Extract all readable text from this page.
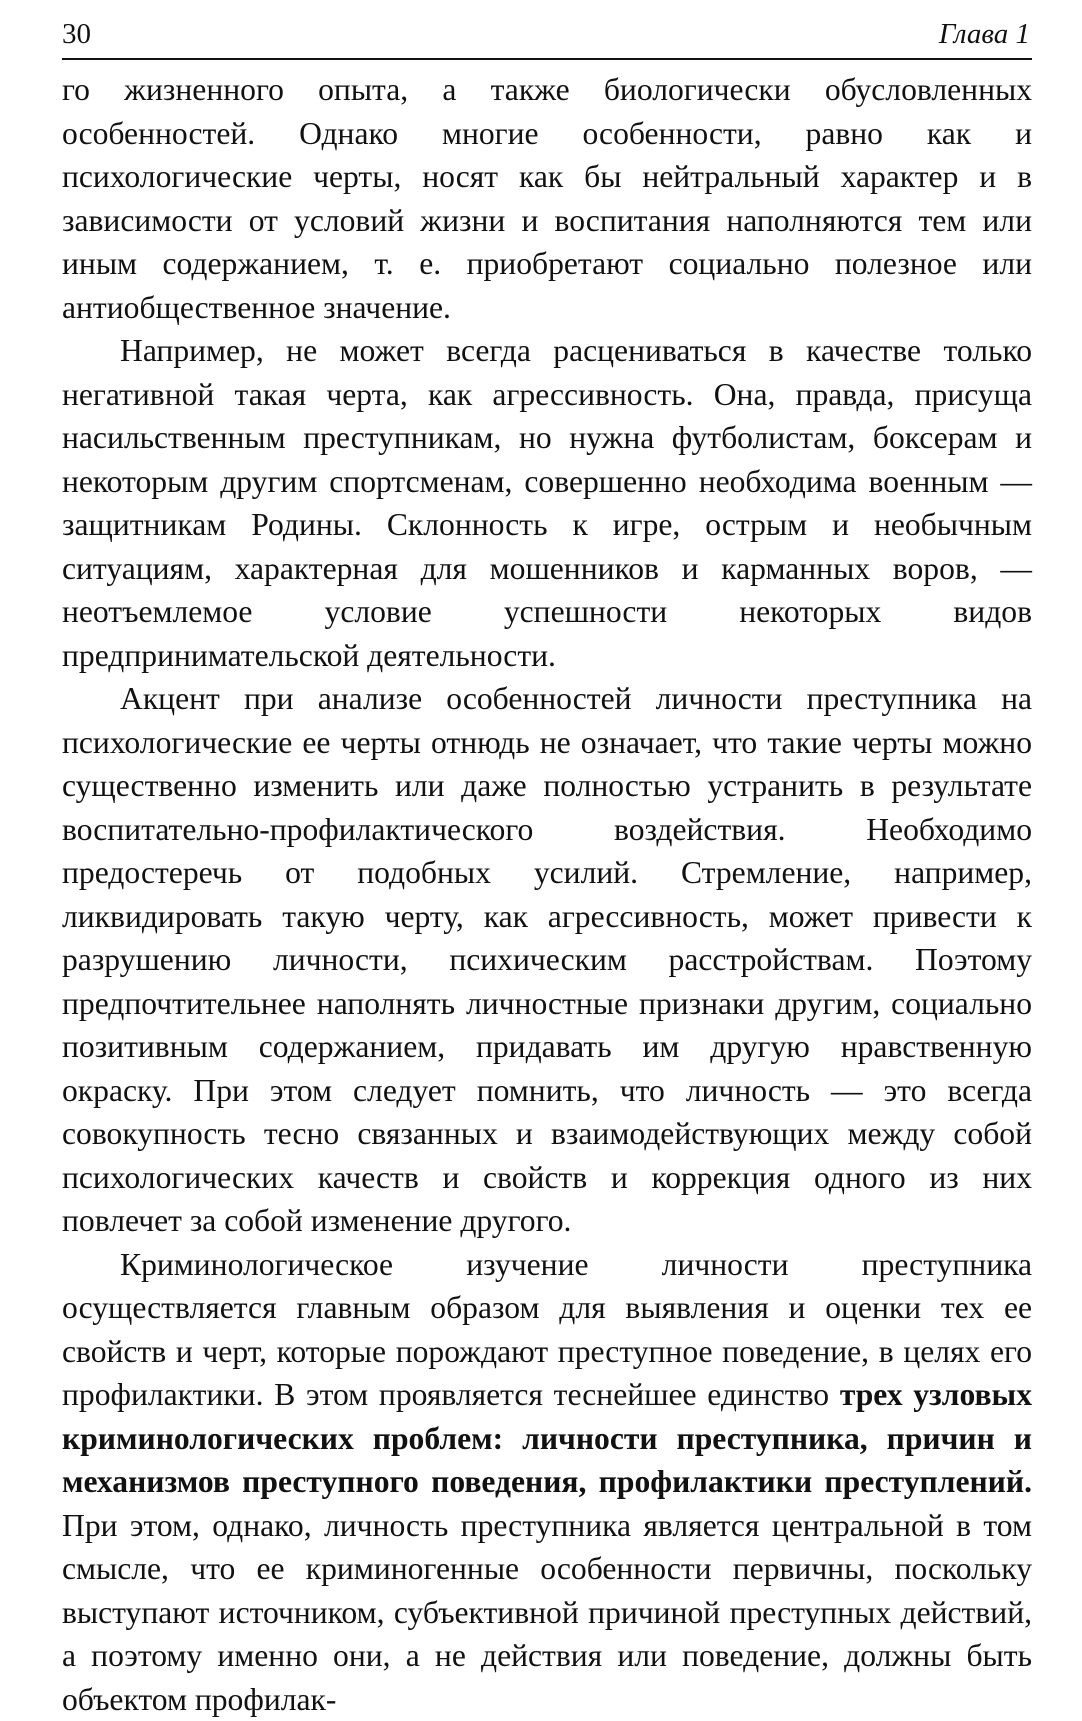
30	Глава 1

го жизненного опыта, а также биологически обусловленных особенностей. Однако многие особенности, равно как и психологические черты, носят как бы нейтральный характер и в зависимости от условий жизни и воспитания наполняются тем или иным содержанием, т. е. приобретают социально полезное или антиобщественное значение.

Например, не может всегда расцениваться в качестве только негативной такая черта, как агрессивность. Она, правда, присуща насильственным преступникам, но нужна футболистам, боксерам и некоторым другим спортсменам, совершенно необходима военным — защитникам Родины. Склонность к игре, острым и необычным ситуациям, характерная для мошенников и карманных воров, — неотъемлемое условие успешности некоторых видов предпринимательской деятельности.

Акцент при анализе особенностей личности преступника на психологические ее черты отнюдь не означает, что такие черты можно существенно изменить или даже полностью устранить в результате воспитательно-профилактического воздействия. Необходимо предостеречь от подобных усилий. Стремление, например, ликвидировать такую черту, как агрессивность, может привести к разрушению личности, психическим расстройствам. Поэтому предпочтительнее наполнять личностные признаки другим, социально позитивным содержанием, придавать им другую нравственную окраску. При этом следует помнить, что личность — это всегда совокупность тесно связанных и взаимодействующих между собой психологических качеств и свойств и коррекция одного из них повлечет за собой изменение другого.

Криминологическое изучение личности преступника осуществляется главным образом для выявления и оценки тех ее свойств и черт, которые порождают преступное поведение, в целях его профилактики. В этом проявляется теснейшее единство трех узловых криминологических проблем: личности преступника, причин и механизмов преступного поведения, профилактики преступлений. При этом, однако, личность преступника является центральной в том смысле, что ее криминогенные особенности первичны, поскольку выступают источником, субъективной причиной преступных действий, а поэтому именно они, а не действия или поведение, должны быть объектом профилак-
